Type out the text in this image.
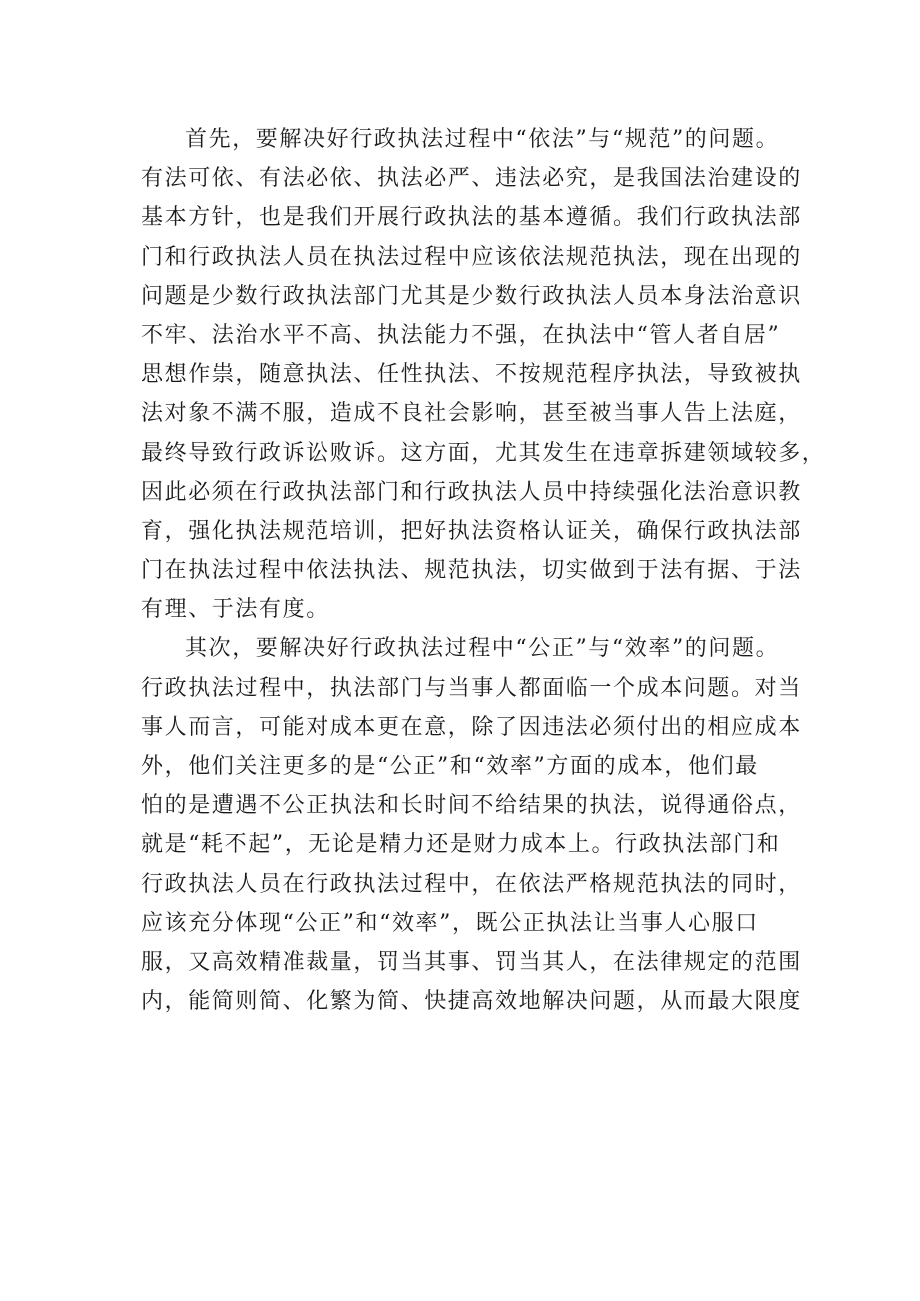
首先，要解决好行政执法过程中“依法”与“规范”的问题。
有法可依、有法必依、执法必严、违法必究，是我国法治建设的
基本方针，也是我们开展行政执法的基本遵循。我们行政执法部
门和行政执法人员在执法过程中应该依法规范执法，现在出现的
问题是少数行政执法部门尤其是少数行政执法人员本身法治意识
不牢、法治水平不高、执法能力不强，在执法中“管人者自居”
思想作祟，随意执法、任性执法、不按规范程序执法，导致被执
法对象不满不服，造成不良社会影响，甚至被当事人告上法庭，
最终导致行政诉讼败诉。这方面，尤其发生在违章拆建领域较多，
因此必须在行政执法部门和行政执法人员中持续强化法治意识教
育，强化执法规范培训，把好执法资格认证关，确保行政执法部
门在执法过程中依法执法、规范执法，切实做到于法有据、于法
有理、于法有度。
其次，要解决好行政执法过程中“公正”与“效率”的问题。
行政执法过程中，执法部门与当事人都面临一个成本问题。对当
事人而言，可能对成本更在意，除了因违法必须付出的相应成本
外，他们关注更多的是“公正”和“效率”方面的成本，他们最
怕的是遭遇不公正执法和长时间不给结果的执法，说得通俗点，
就是“耗不起”，无论是精力还是财力成本上。行政执法部门和
行政执法人员在行政执法过程中，在依法严格规范执法的同时，
应该充分体现“公正”和“效率”，既公正执法让当事人心服口
服，又高效精准裁量，罚当其事、罚当其人，在法律规定的范围
内，能简则简、化繁为简、快捷高效地解决问题，从而最大限度
